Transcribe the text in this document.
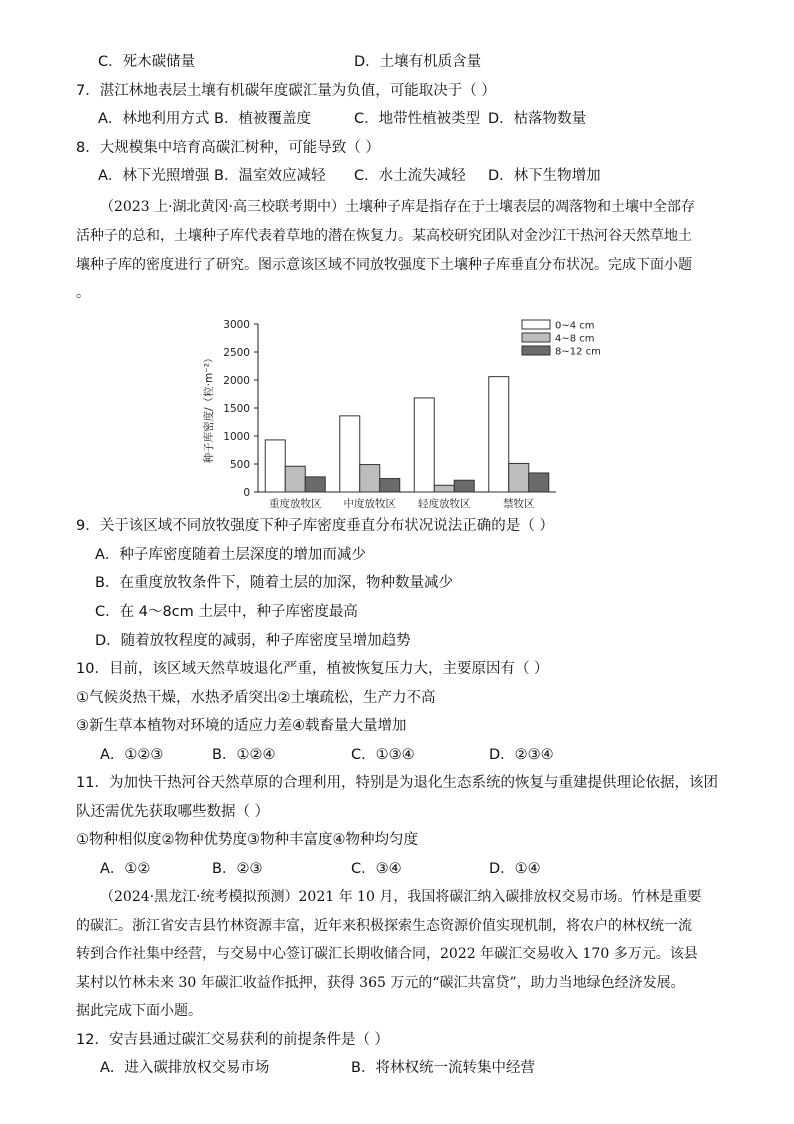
C．死木碳储量	D．土壤有机质含量
7．湛江林地表层土壤有机碳年度碳汇量为负值，可能取决于（ ）
A．林地利用方式 B．植被覆盖度	C．地带性植被类型 D．枯落物数量
8．大规模集中培育高碳汇树种，可能导致（ ）
A．林下光照增强 B．温室效应减轻 C．水土流失减轻 D．林下生物增加
（2023 上·湖北黄冈·高三校联考期中）土壤种子库是指存在于土壤表层的凋落物和土壤中全部存
活种子的总和，土壤种子库代表着草地的潜在恢复力。某高校研究团队对金沙江干热河谷天然草地土
壤种子库的密度进行了研究。图示意该区域不同放牧强度下土壤种子库垂直分布状况。完成下面小题
。
0
500
1000
1500
2000
2500
3000
种子库密度/（粒·m⁻²）
重度放牧区 中度放牧区 轻度放牧区	禁牧区
0~4 cm
4~8 cm
8~12 cm
9．关于该区域不同放牧强度下种子库密度垂直分布状况说法正确的是（ ）
A．种子库密度随着土层深度的增加而减少
B．在重度放牧条件下，随着土层的加深，物种数量减少
C．在 4～8cm 土层中，种子库密度最高
D．随着放牧程度的减弱，种子库密度呈增加趋势
10．目前，该区域天然草坡退化严重，植被恢复压力大，主要原因有（ ）
①气候炎热干燥，水热矛盾突出②土壤疏松，生产力不高
③新生草本植物对环境的适应力差④载畜量大量增加
A．①②③	B．①②④	C．①③④	D．②③④
11．为加快干热河谷天然草原的合理利用，特别是为退化生态系统的恢复与重建提供理论依据，该团
队还需优先获取哪些数据（ ）
①物种相似度②物种优势度③物种丰富度④物种均匀度
A．①②	B．②③	C．③④	D．①④
（2024·黑龙江·统考模拟预测）2021 年 10 月，我国将碳汇纳入碳排放权交易市场。竹林是重要
的碳汇。浙江省安吉县竹林资源丰富，近年来积极探索生态资源价值实现机制，将农户的林权统一流
转到合作社集中经营，与交易中心签订碳汇长期收储合同，2022 年碳汇交易收入 170 多万元。该县
某村以竹林未来 30 年碳汇收益作抵押，获得 365 万元的“碳汇共富贷”，助力当地绿色经济发展。
据此完成下面小题。
12．安吉县通过碳汇交易获利的前提条件是（ ）
A．进入碳排放权交易市场	B．将林权统一流转集中经营
